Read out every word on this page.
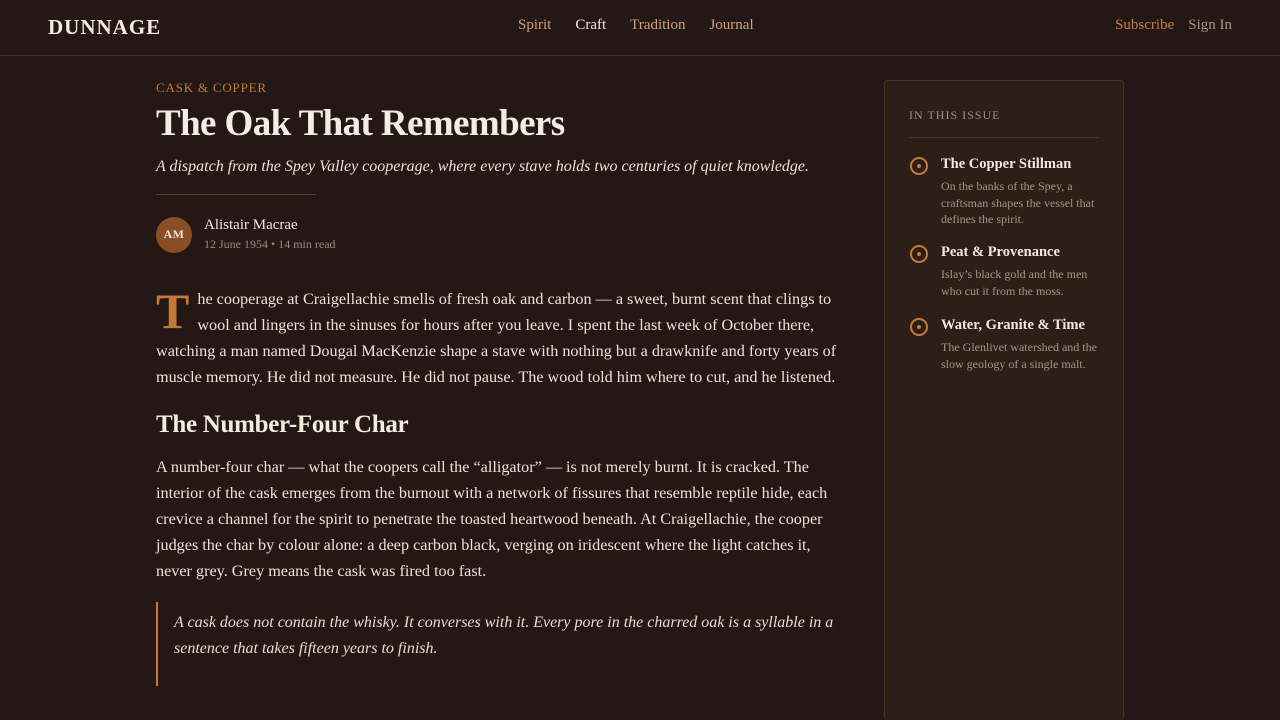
DUNNAGE	Spirit Craft Tradition Journal	Subscribe Sign In
CASK & COPPER
The Oak That Remembers

A dispatch from the Spey Valley cooperage, where every stave holds two centuries of quiet knowledge.

AM
Alistair Macrae
12 June 1954 • 14 min read

The cooperage at Craigellachie smells of fresh oak and carbon — a sweet, burnt scent that clings to wool and lingers in the sinuses for hours after you leave. I spent the last week of October there, watching a man named Dougal MacKenzie shape a stave with nothing but a drawknife and forty years of muscle memory. He did not measure. He did not pause. The wood told him where to cut, and he listened.

The Number-Four Char

A number-four char — what the coopers call the “alligator” — is not merely burnt. It is cracked. The interior of the cask emerges from the burnout with a network of fissures that resemble reptile hide, each crevice a channel for the spirit to penetrate the toasted heartwood beneath. At Craigellachie, the cooper judges the char by colour alone: a deep carbon black, verging on iridescent where the light catches it, never grey. Grey means the cask was fired too fast.

A cask does not contain the whisky. It converses with it. Every pore in the charred oak is a syllable in a sentence that takes fifteen years to finish.
IN THIS ISSUE
The Copper Stillman
On the banks of the Spey, a craftsman shapes the vessel that defines the spirit.
Peat & Provenance
Islay’s black gold and the men who cut it from the moss.
Water, Granite & Time
The Glenlivet watershed and the slow geology of a single malt.
